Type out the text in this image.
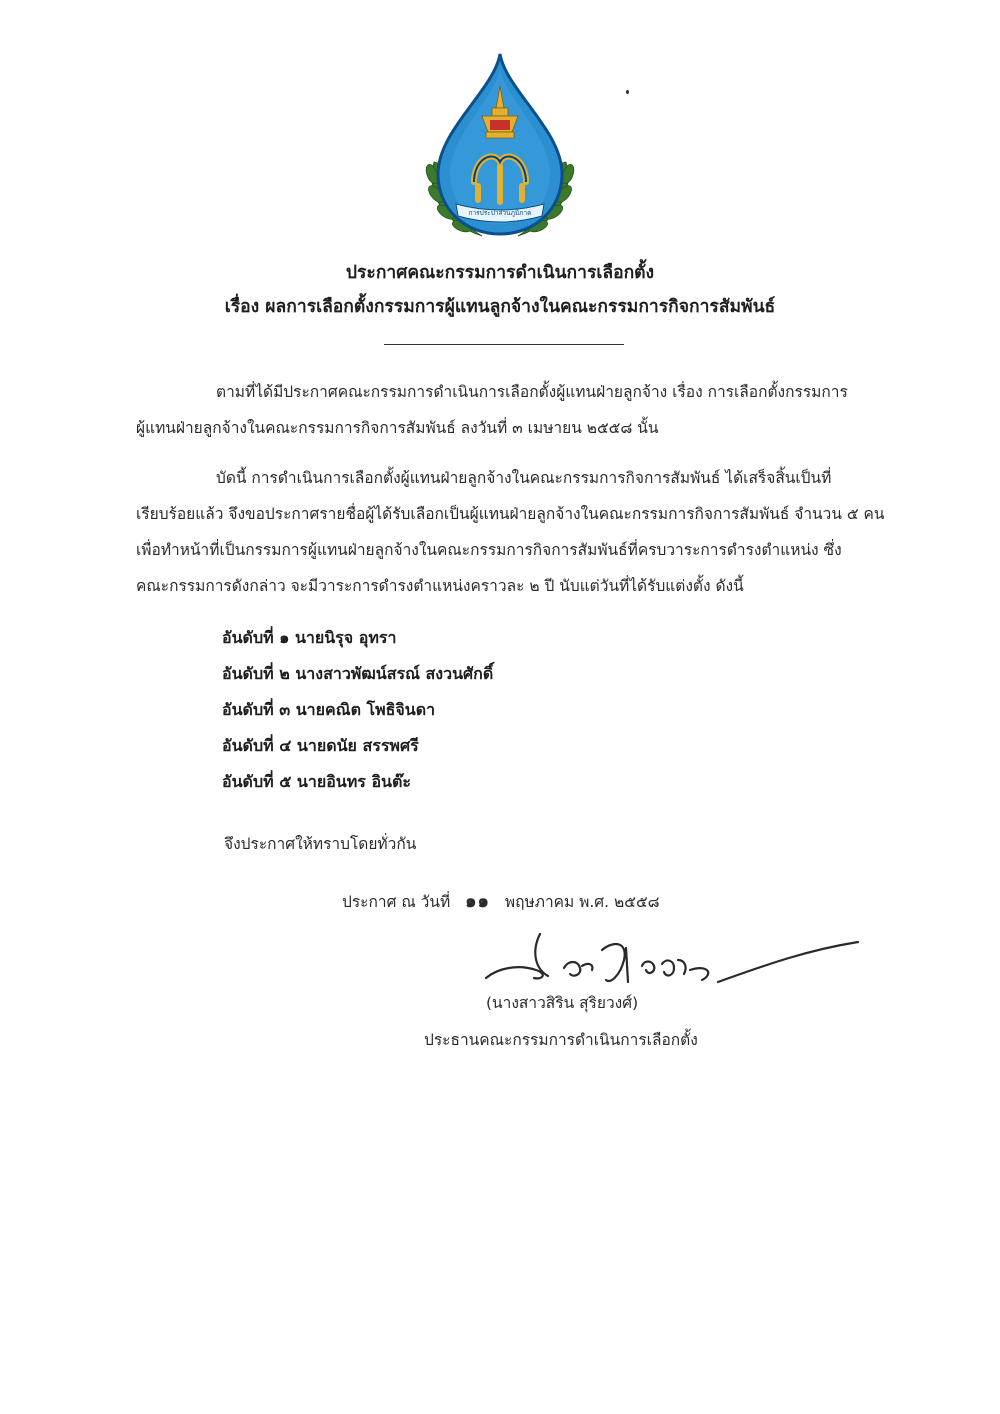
การประปาส่วนภูมิภาค
ประกาศคณะกรรมการดำเนินการเลือกตั้ง
เรื่อง ผลการเลือกตั้งกรรมการผู้แทนลูกจ้างในคณะกรรมการกิจการสัมพันธ์
ตามที่ได้มีประกาศคณะกรรมการดำเนินการเลือกตั้งผู้แทนฝ่ายลูกจ้าง เรื่อง การเลือกตั้งกรรมการ
ผู้แทนฝ่ายลูกจ้างในคณะกรรมการกิจการสัมพันธ์ ลงวันที่ ๓ เมษายน ๒๕๕๘ นั้น
บัดนี้ การดำเนินการเลือกตั้งผู้แทนฝ่ายลูกจ้างในคณะกรรมการกิจการสัมพันธ์ ได้เสร็จสิ้นเป็นที่
เรียบร้อยแล้ว จึงขอประกาศรายชื่อผู้ได้รับเลือกเป็นผู้แทนฝ่ายลูกจ้างในคณะกรรมการกิจการสัมพันธ์ จำนวน ๕ คน
เพื่อทำหน้าที่เป็นกรรมการผู้แทนฝ่ายลูกจ้างในคณะกรรมการกิจการสัมพันธ์ที่ครบวาระการดำรงตำแหน่ง ซึ่ง
คณะกรรมการดังกล่าว จะมีวาระการดำรงตำแหน่งคราวละ ๒ ปี นับแต่วันที่ได้รับแต่งตั้ง ดังนี้
อันดับที่ ๑ นายนิรุจ อุทรา
อันดับที่ ๒ นางสาวพัฒน์สรณ์ สงวนศักดิ์
อันดับที่ ๓ นายคณิต โพธิจินดา
อันดับที่ ๔ นายดนัย สรรพศรี
อันดับที่ ๕ นายอินทร อินต๊ะ
จึงประกาศให้ทราบโดยทั่วกัน
ประกาศ ณ วันที่ ๑๑ พฤษภาคม พ.ศ. ๒๕๕๘
(นางสาวสิริน สุริยวงศ์)
ประธานคณะกรรมการดำเนินการเลือกตั้ง
